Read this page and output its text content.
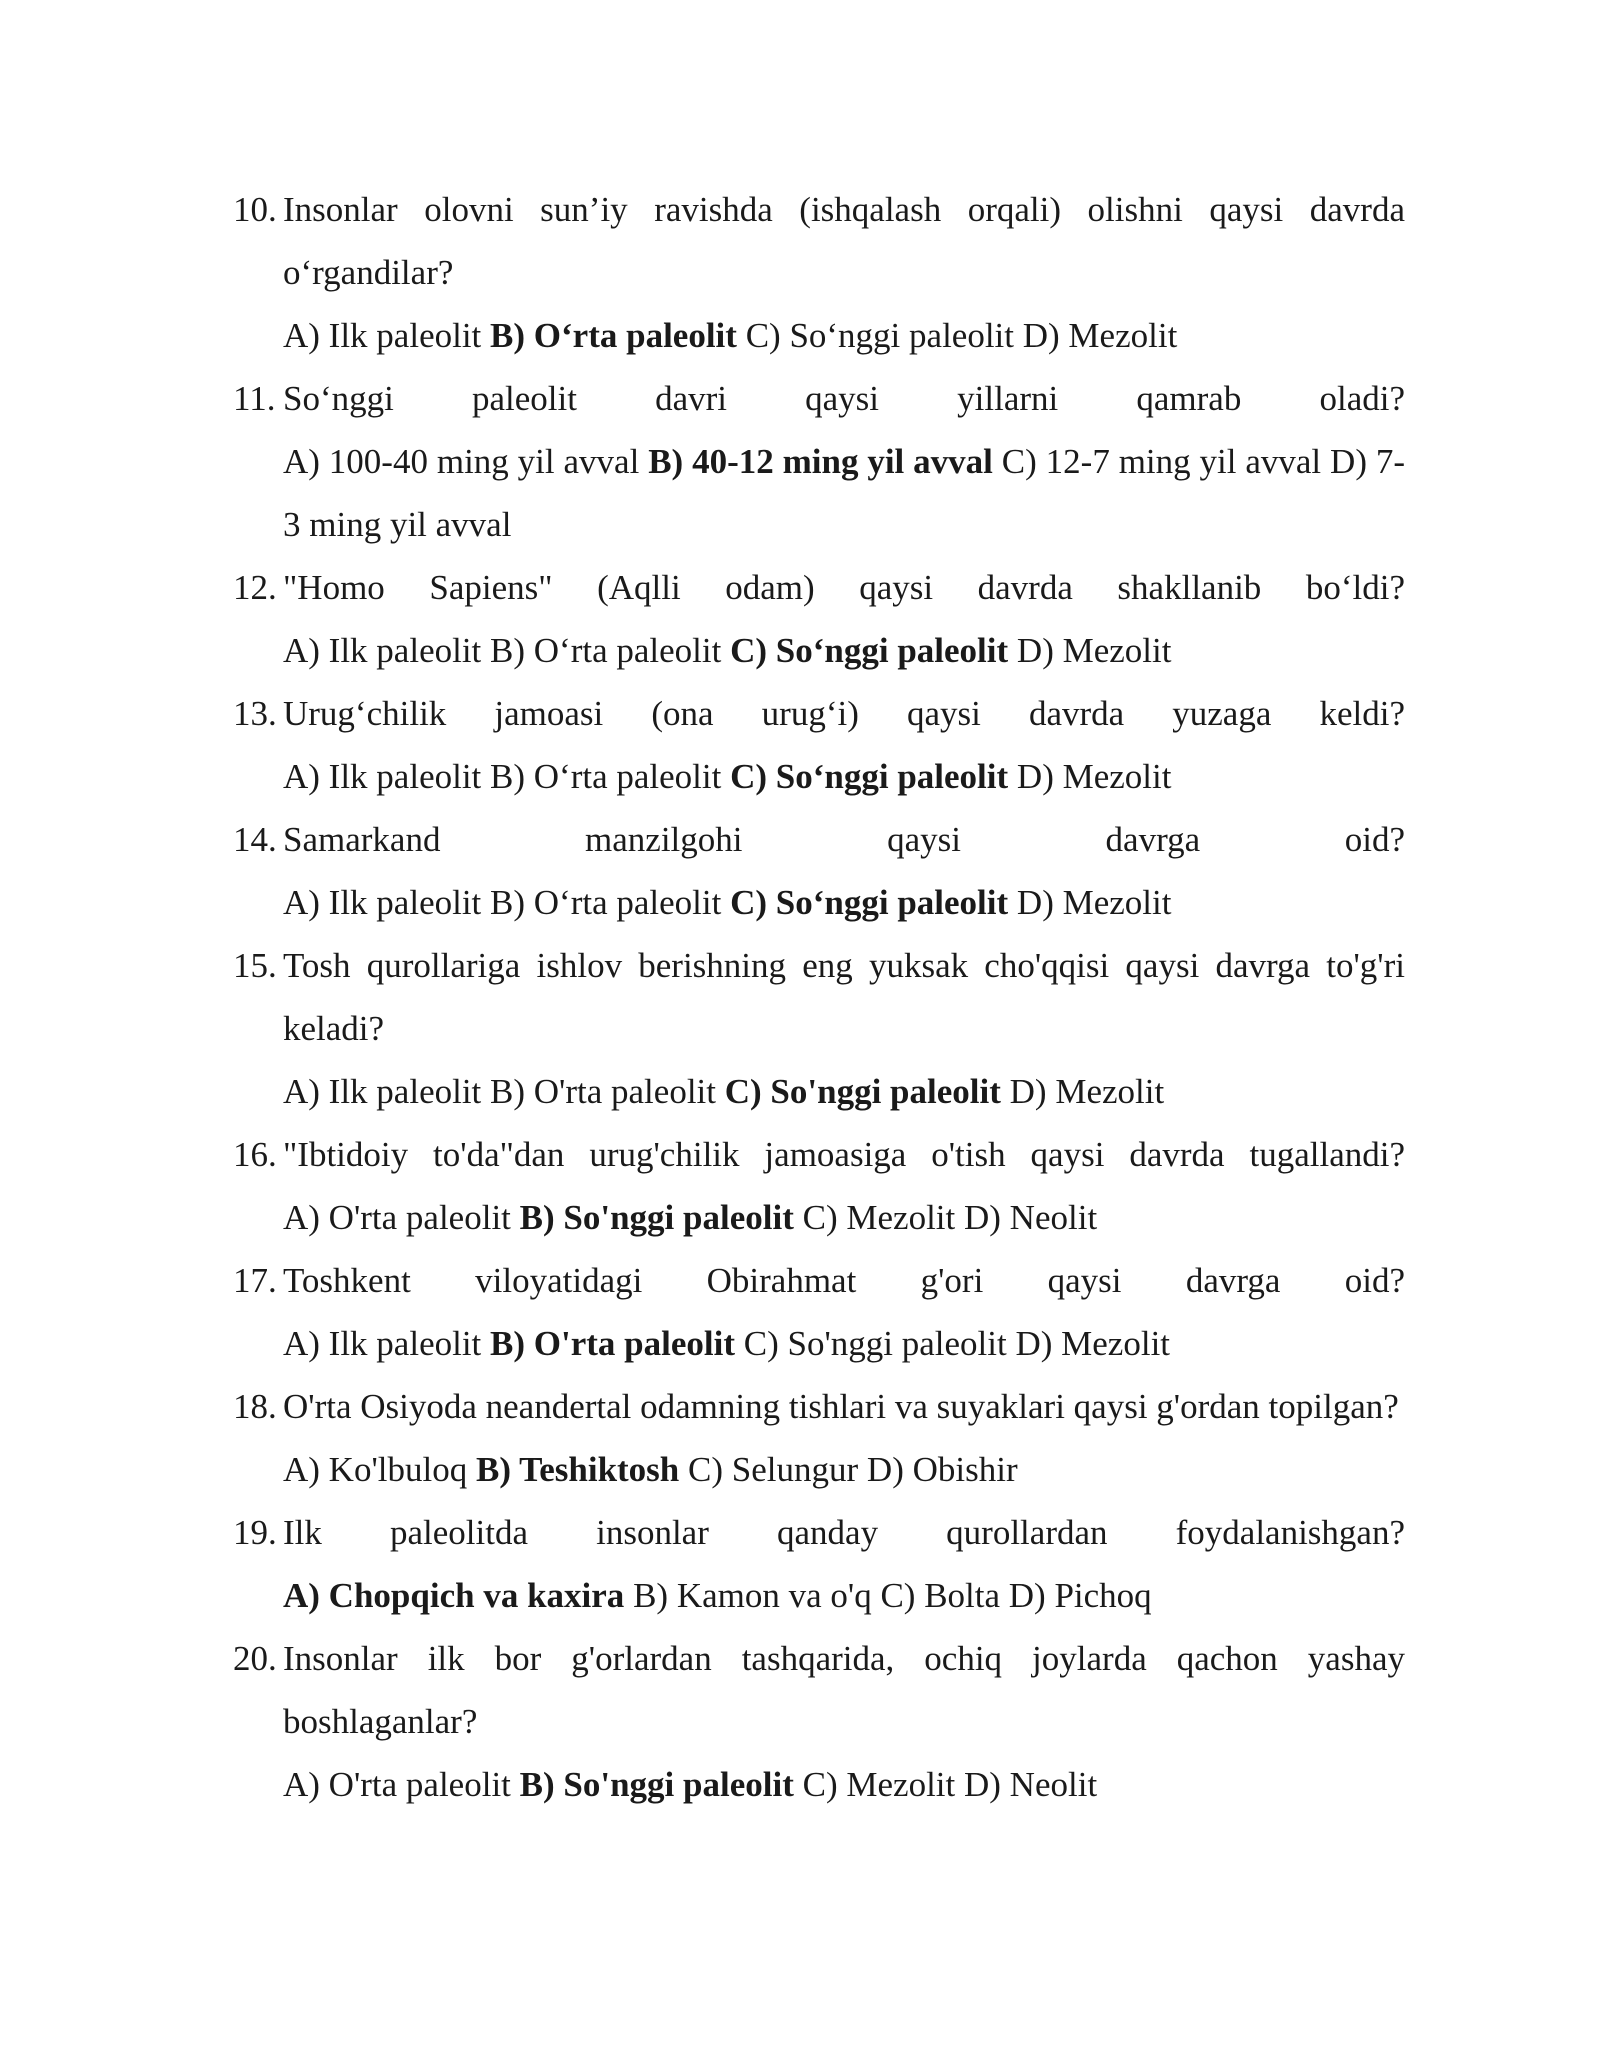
10. Insonlar olovni sun’iy ravishda (ishqalash orqali) olishni qaysi davrda o‘rgandilar?
A) Ilk paleolit B) O‘rta paleolit C) So‘nggi paleolit D) Mezolit
11. So‘nggi paleolit davri qaysi yillarni qamrab oladi?
A) 100-40 ming yil avval B) 40-12 ming yil avval C) 12-7 ming yil avval D) 7-3 ming yil avval
12. "Homo Sapiens" (Aqlli odam) qaysi davrda shakllanib bo‘ldi?
A) Ilk paleolit B) O‘rta paleolit C) So‘nggi paleolit D) Mezolit
13. Urug‘chilik jamoasi (ona urug‘i) qaysi davrda yuzaga keldi?
A) Ilk paleolit B) O‘rta paleolit C) So‘nggi paleolit D) Mezolit
14. Samarkand manzilgohi qaysi davrga oid?
A) Ilk paleolit B) O‘rta paleolit C) So‘nggi paleolit D) Mezolit
15. Tosh qurollariga ishlov berishning eng yuksak cho'qqisi qaysi davrga to'g'ri keladi?
A) Ilk paleolit B) O'rta paleolit C) So'nggi paleolit D) Mezolit
16. "Ibtidoiy to'da"dan urug'chilik jamoasiga o'tish qaysi davrda tugallandi?
A) O'rta paleolit B) So'nggi paleolit C) Mezolit D) Neolit
17. Toshkent viloyatidagi Obirahmat g'ori qaysi davrga oid?
A) Ilk paleolit B) O'rta paleolit C) So'nggi paleolit D) Mezolit
18. O'rta Osiyoda neandertal odamning tishlari va suyaklari qaysi g'ordan topilgan?
A) Ko'lbuloq B) Teshiktosh C) Selungur D) Obishir
19. Ilk paleolitda insonlar qanday qurollardan foydalanishgan?
A) Chopqich va kaxira B) Kamon va o'q C) Bolta D) Pichoq
20. Insonlar ilk bor g'orlardan tashqarida, ochiq joylarda qachon yashay boshlaganlar?
A) O'rta paleolit B) So'nggi paleolit C) Mezolit D) Neolit
